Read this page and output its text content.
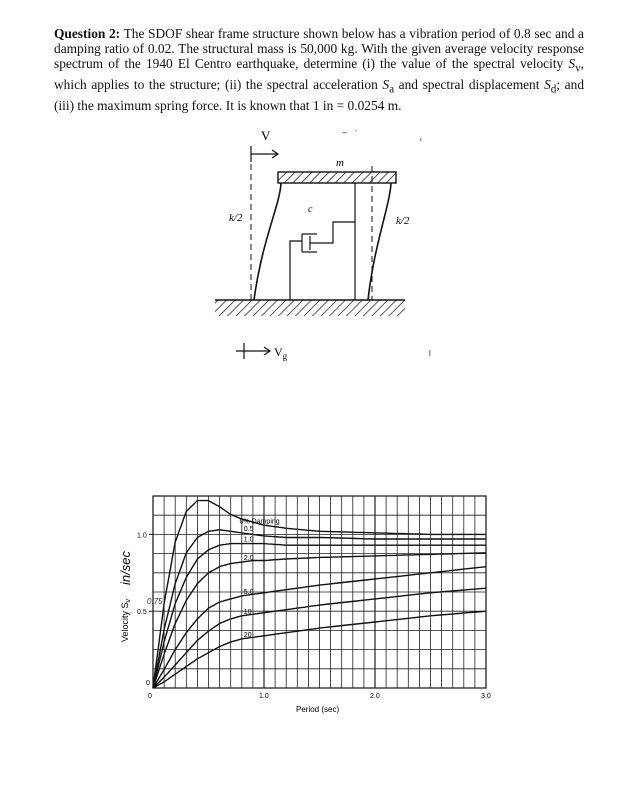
Question 2: The SDOF shear frame structure shown below has a vibration period of 0.8 sec and a damping ratio of 0.02. The structural mass is 50,000 kg. With the given average velocity response spectrum of the 1940 El Centro earthquake, determine (i) the value of the spectral velocity $S_v$, which applies to the structure; (ii) the spectral acceleration $S_a$ and spectral displacement $S_d$; and (iii) the maximum spring force. It is known that 1 in = 0.0254 m.

V
m
k/2	k/2
c
$V_g$
0	1.0	2.0	3.0
0
0.5
1.0
0% Damping
0.5
1.0
2.0
5.0
10
20
Velocity $S_v$
in/sec
0.75
Period (sec)
